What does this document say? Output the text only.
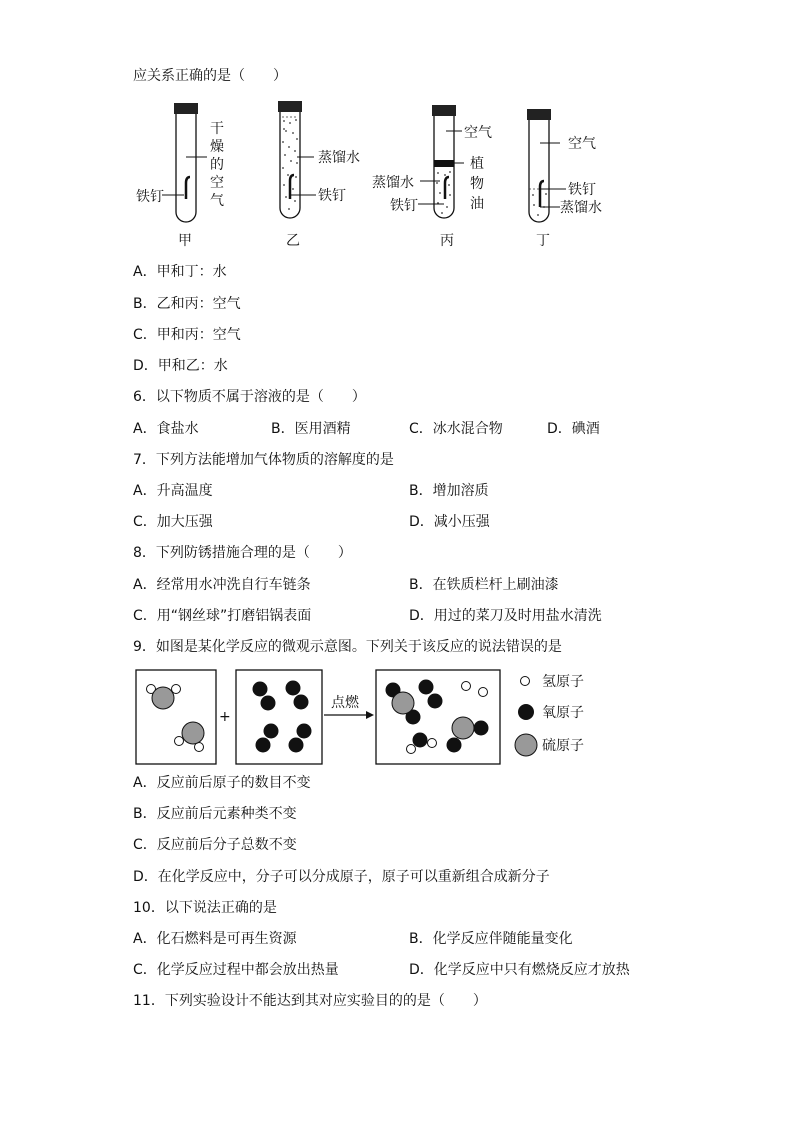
应关系正确的是（　　）
铁钉
干
燥
的
空
气
甲
蒸馏水
铁钉
乙
空气
植
物
油
蒸馏水
铁钉
丙
空气
铁钉
蒸馏水
丁
A．甲和丁：水
B．乙和丙：空气
C．甲和丙：空气
D．甲和乙：水
6．以下物质不属于溶液的是（　　）
A．食盐水	B．医用酒精	C．冰水混合物	D．碘酒
7．下列方法能增加气体物质的溶解度的是
A．升高温度	B．增加溶质
C．加大压强	D．减小压强
8．下列防锈措施合理的是（　　）
A．经常用水冲洗自行车链条	B．在铁质栏杆上刷油漆
C．用“钢丝球”打磨铝锅表面	D．用过的菜刀及时用盐水清洗
9．如图是某化学反应的微观示意图。下列关于该反应的说法错误的是
+
点燃
氢原子
氧原子
硫原子
A．反应前后原子的数目不变
B．反应前后元素种类不变
C．反应前后分子总数不变
D．在化学反应中，分子可以分成原子，原子可以重新组合成新分子
10．以下说法正确的是
A．化石燃料是可再生资源	B．化学反应伴随能量变化
C．化学反应过程中都会放出热量	D．化学反应中只有燃烧反应才放热
11．下列实验设计不能达到其对应实验目的的是（　　）
